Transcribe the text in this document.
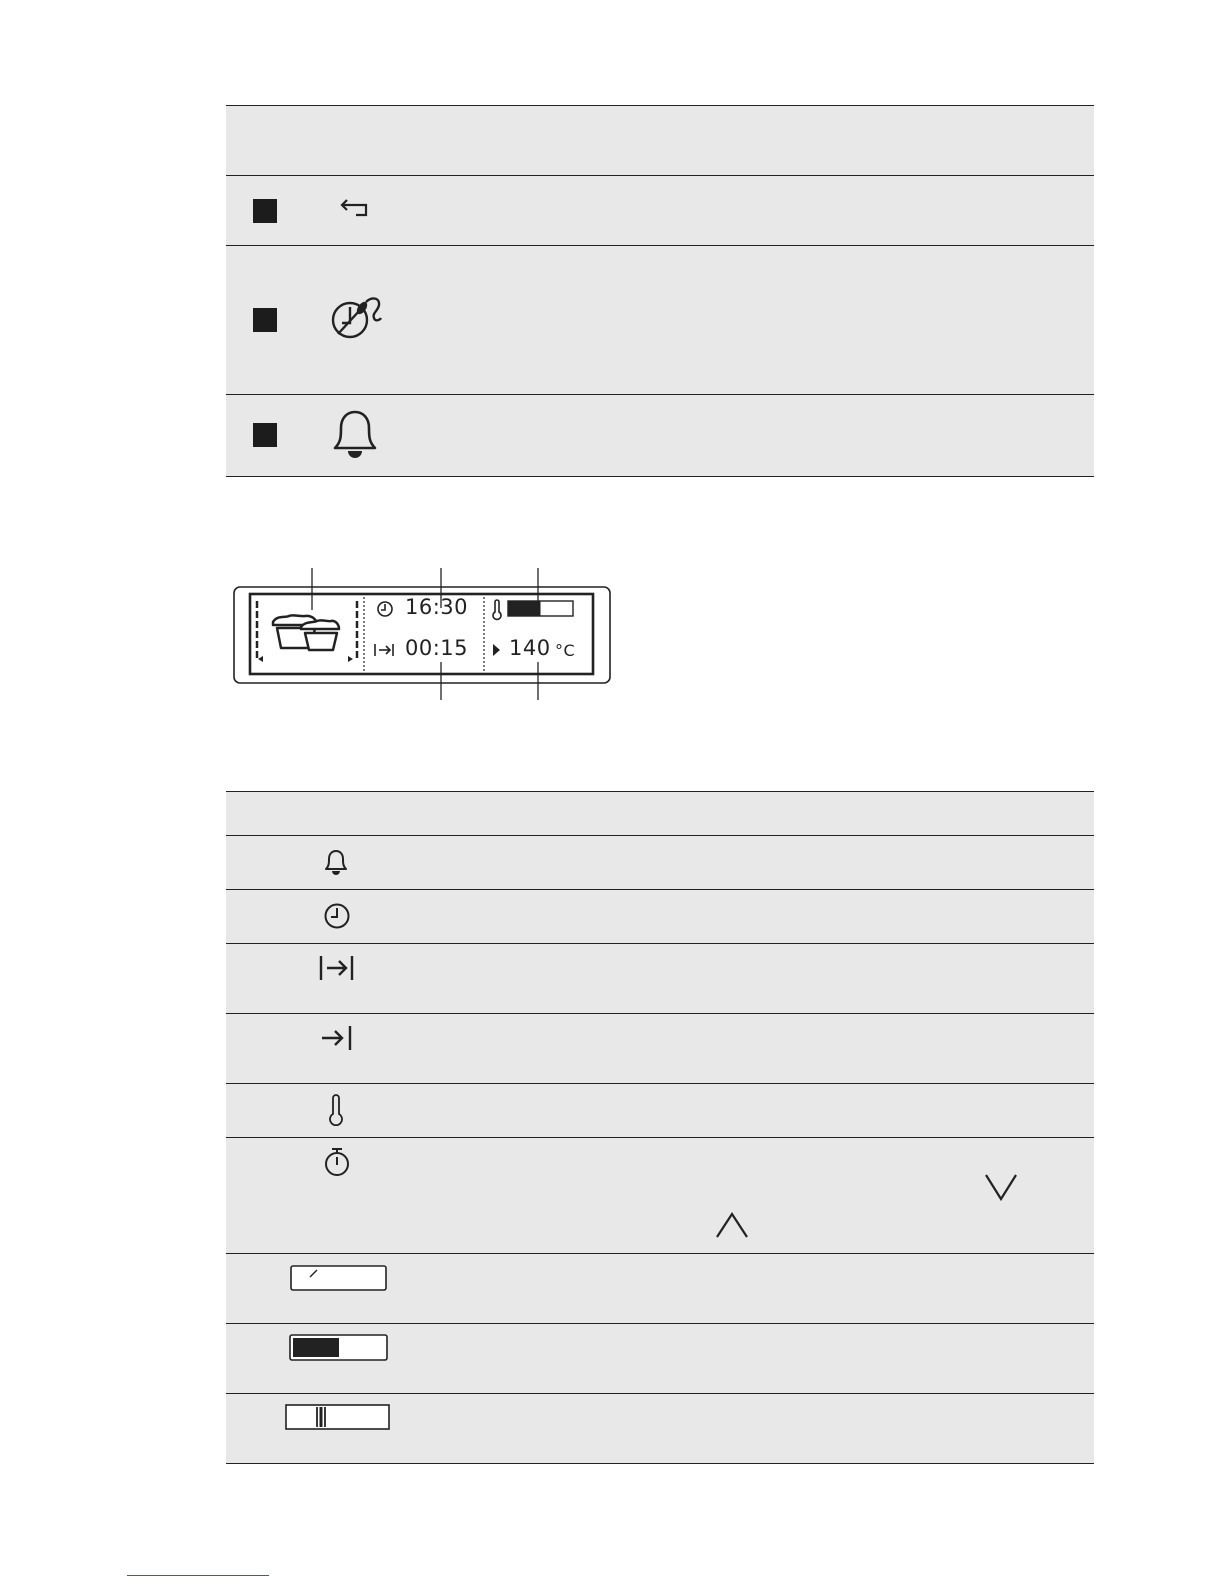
16:30
00:15 140 °C
